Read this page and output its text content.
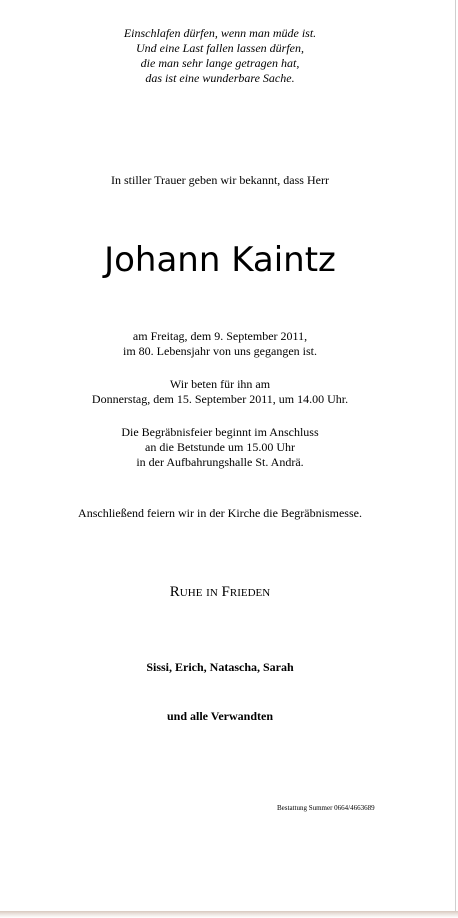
Einschlafen dürfen, wenn man müde ist.
Und eine Last fallen lassen dürfen,
die man sehr lange getragen hat,
das ist eine wunderbare Sache.
In stiller Trauer geben wir bekannt, dass Herr
Johann Kaintz
am Freitag, dem 9. September 2011,
im 80. Lebensjahr von uns gegangen ist.
Wir beten für ihn am
Donnerstag, dem 15. September 2011, um 14.00 Uhr.
Die Begräbnisfeier beginnt im Anschluss
an die Betstunde um 15.00 Uhr
in der Aufbahrungshalle St. Andrä.
Anschließend feiern wir in der Kirche die Begräbnismesse.
Ruhe in Frieden
Sissi, Erich, Natascha, Sarah
und alle Verwandten
Bestattung Summer 0664/4663689
